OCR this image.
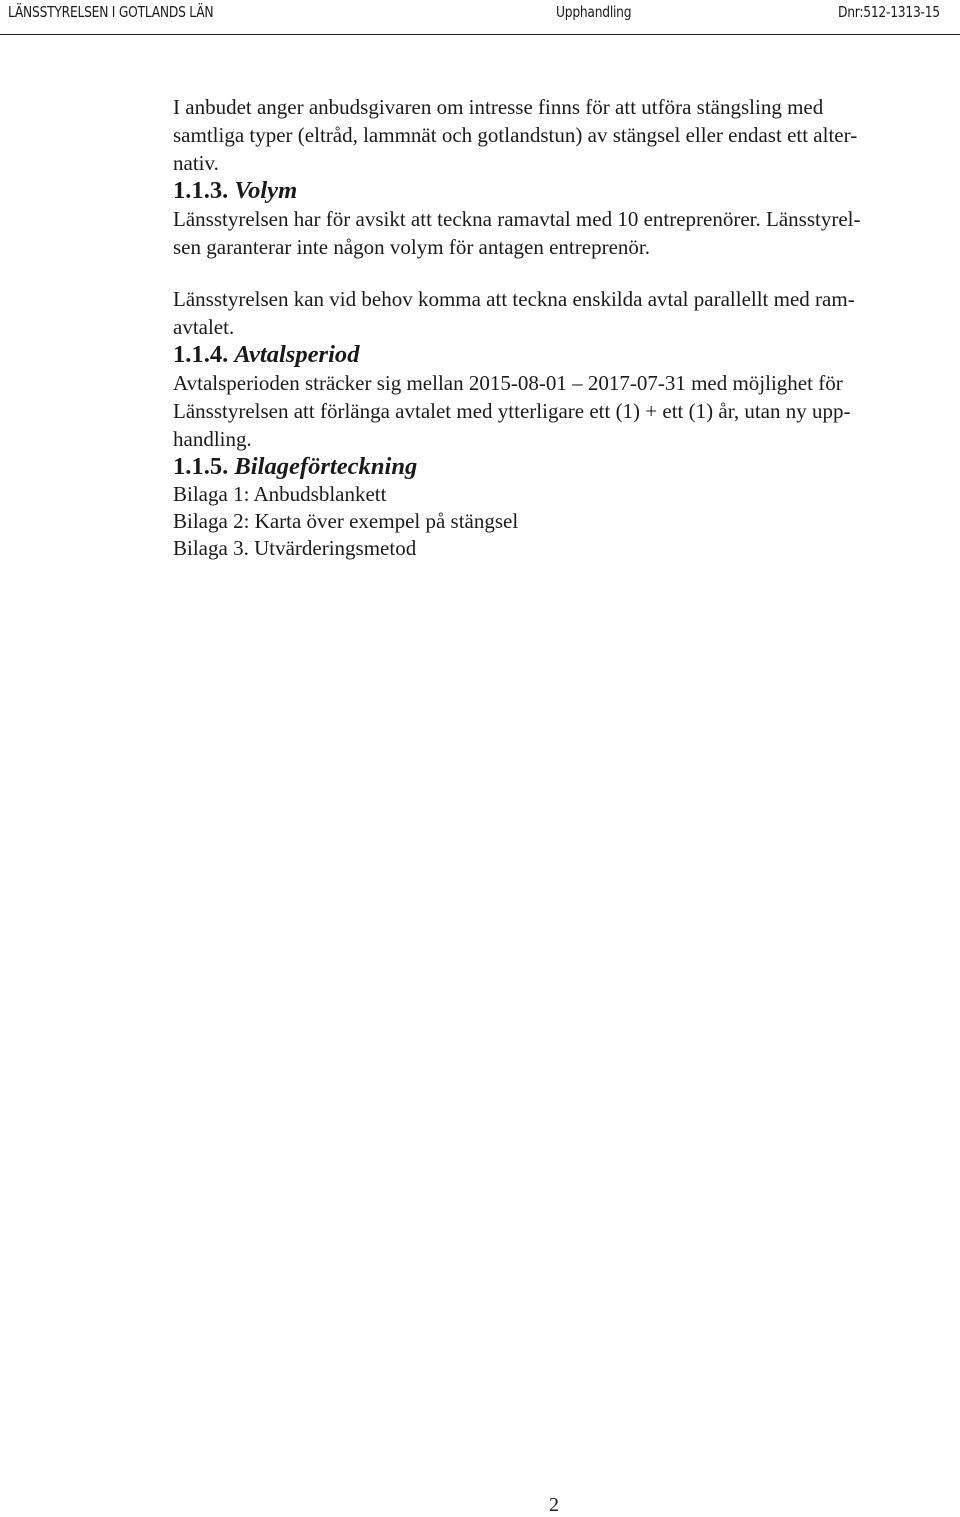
LÄNSSTYRELSEN I GOTLANDS LÄN	Upphandling	Dnr:512-1313-15

I anbudet anger anbudsgivaren om intresse finns för att utföra stängsling med
samtliga typer (eltråd, lammnät och gotlandstun) av stängsel eller endast ett alter-
nativ.

1.1.3. Volym

Länsstyrelsen har för avsikt att teckna ramavtal med 10 entreprenörer. Länsstyrel-
sen garanterar inte någon volym för antagen entreprenör.

Länsstyrelsen kan vid behov komma att teckna enskilda avtal parallellt med ram-
avtalet.

1.1.4. Avtalsperiod

Avtalsperioden sträcker sig mellan 2015-08-01 – 2017-07-31 med möjlighet för
Länsstyrelsen att förlänga avtalet med ytterligare ett (1) + ett (1) år, utan ny upp-
handling.

1.1.5. Bilageförteckning
Bilaga 1: Anbudsblankett
Bilaga 2: Karta över exempel på stängsel
Bilaga 3. Utvärderingsmetod
2
